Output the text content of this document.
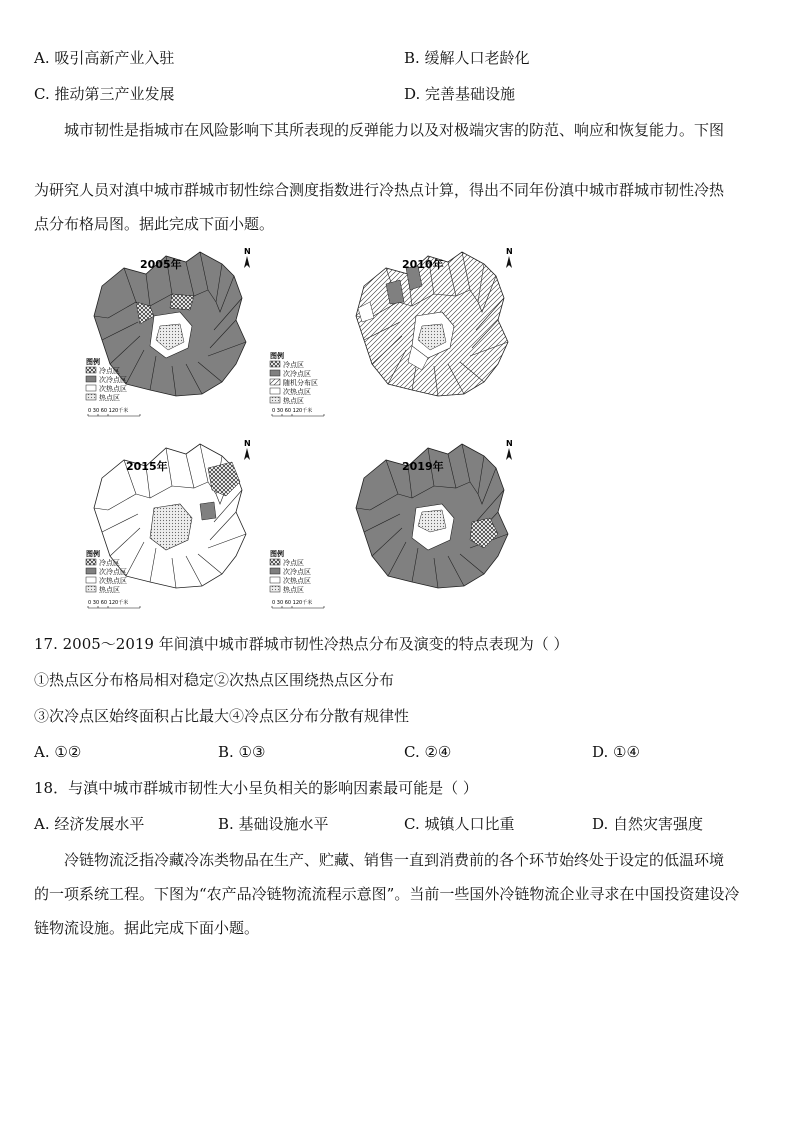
A. 吸引高新产业入驻	B. 缓解人口老龄化
C. 推动第三产业发展	D. 完善基础设施
城市韧性是指城市在风险影响下其所表现的反弹能力以及对极端灾害的防范、响应和恢复能力。下图
为研究人员对滇中城市群城市韧性综合测度指数进行冷热点计算，得出不同年份滇中城市群城市韧性冷热
点分布格局图。据此完成下面小题。
2005年
N
图例
冷点区
次冷点区
次热点区
热点区
0 30 60 120千米
2010年
N
图例
冷点区
次冷点区
随机分布区
次热点区
热点区
0 30 60 120千米
2015年
N
图例
冷点区
次冷点区
次热点区
热点区
0 30 60 120千米
2019年
N
图例
冷点区
次冷点区
次热点区
热点区
0 30 60 120千米
17. 2005～2019 年间滇中城市群城市韧性冷热点分布及演变的特点表现为（ ）
①热点区分布格局相对稳定②次热点区围绕热点区分布
③次冷点区始终面积占比最大④冷点区分布分散有规律性
A. ①②	B. ①③	C. ②④	D. ①④
18．与滇中城市群城市韧性大小呈负相关的影响因素最可能是（ ）
A. 经济发展水平	B. 基础设施水平	C. 城镇人口比重	D. 自然灾害强度
冷链物流泛指冷藏冷冻类物品在生产、贮藏、销售一直到消费前的各个环节始终处于设定的低温环境
的一项系统工程。下图为“农产品冷链物流流程示意图”。当前一些国外冷链物流企业寻求在中国投资建设冷
链物流设施。据此完成下面小题。
